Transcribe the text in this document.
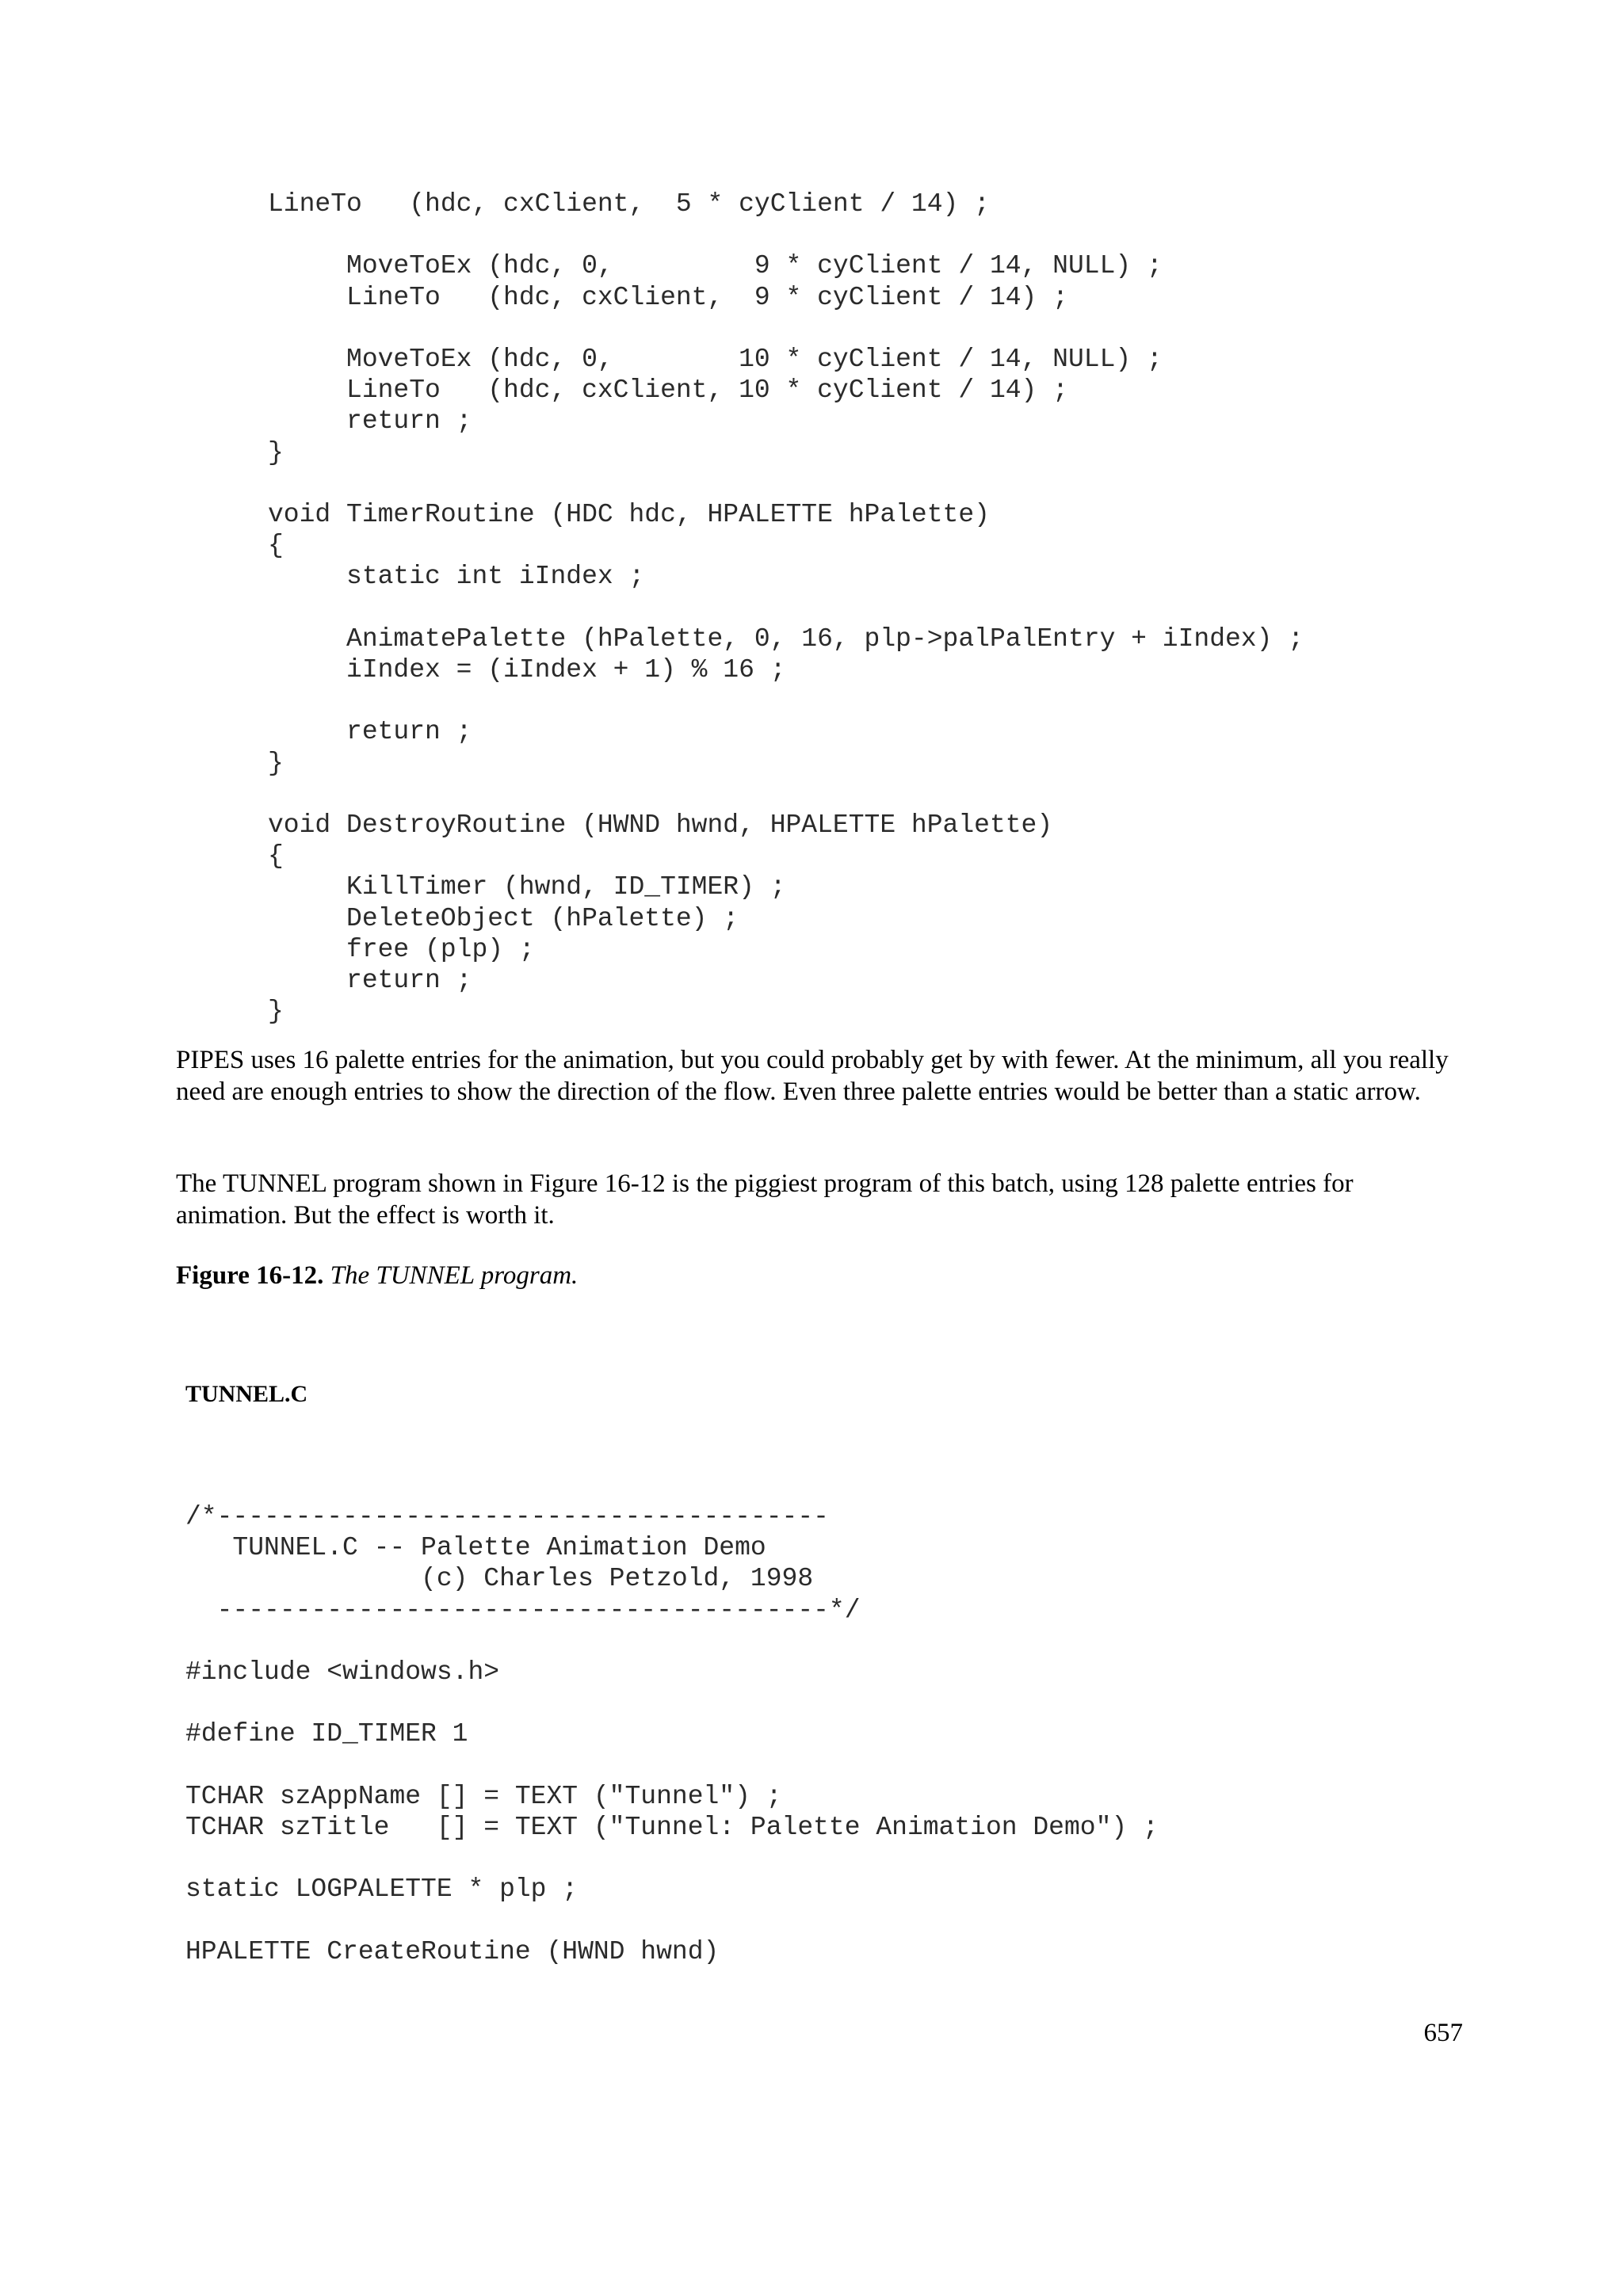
LineTo   (hdc, cxClient,  5 * cyClient / 14) ;

MoveToEx (hdc, 0,         9 * cyClient / 14, NULL) ;
LineTo   (hdc, cxClient,  9 * cyClient / 14) ;

MoveToEx (hdc, 0,        10 * cyClient / 14, NULL) ;
LineTo   (hdc, cxClient, 10 * cyClient / 14) ;
return ;
}

void TimerRoutine (HDC hdc, HPALETTE hPalette)
{
static int iIndex ;

AnimatePalette (hPalette, 0, 16, plp->palPalEntry + iIndex) ;
iIndex = (iIndex + 1) % 16 ;

return ;
}

void DestroyRoutine (HWND hwnd, HPALETTE hPalette)
{
KillTimer (hwnd, ID_TIMER) ;
DeleteObject (hPalette) ;
free (plp) ;
return ;
}

PIPES uses 16 palette entries for the animation, but you could probably get by with fewer. At the minimum, all you really need are enough entries to show the direction of the flow. Even three palette entries would be better than a static arrow.

The TUNNEL program shown in Figure 16-12 is the piggiest program of this batch, using 128 palette entries for animation. But the effect is worth it.

Figure 16-12. The TUNNEL program.

TUNNEL.C
/*---------------------------------------
TUNNEL.C -- Palette Animation Demo
(c) Charles Petzold, 1998
---------------------------------------*/

#include <windows.h>

#define ID_TIMER 1

TCHAR szAppName [] = TEXT ("Tunnel") ;
TCHAR szTitle   [] = TEXT ("Tunnel: Palette Animation Demo") ;

static LOGPALETTE * plp ;

HPALETTE CreateRoutine (HWND hwnd)
657
